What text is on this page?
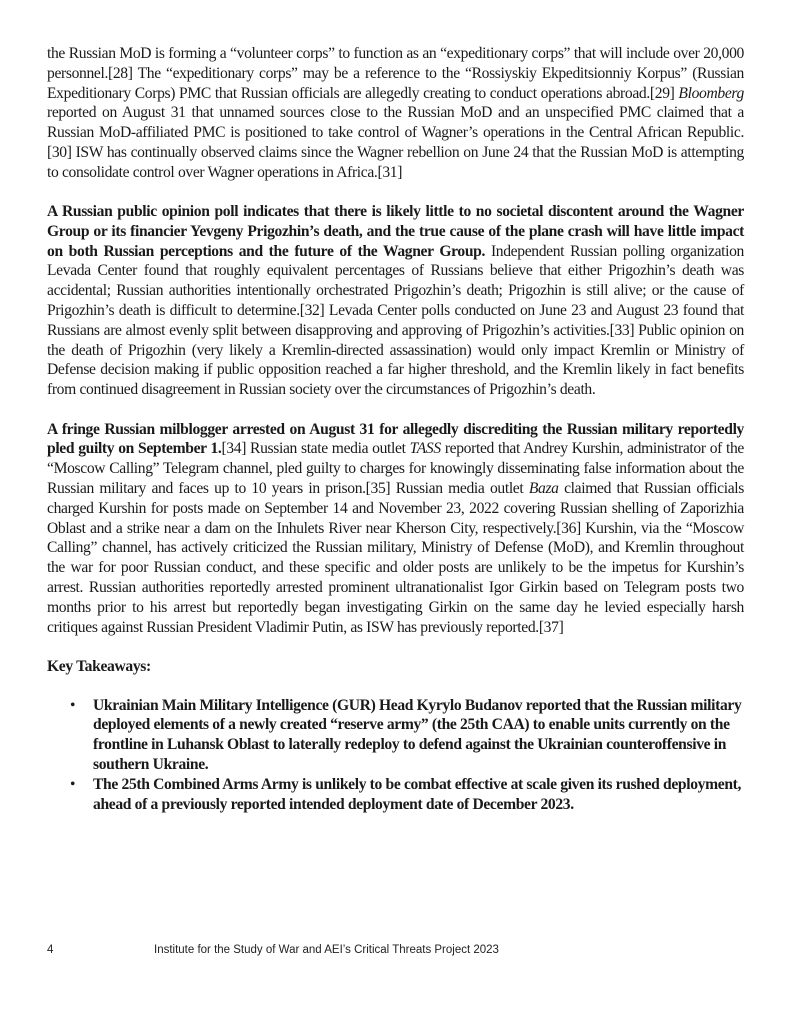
the Russian MoD is forming a “volunteer corps” to function as an “expeditionary corps” that will include over 20,000 personnel.[28] The “expeditionary corps” may be a reference to the “Rossiyskiy Ekpeditsionniy Korpus” (Russian Expeditionary Corps) PMC that Russian officials are allegedly creating to conduct operations abroad.[29] Bloomberg reported on August 31 that unnamed sources close to the Russian MoD and an unspecified PMC claimed that a Russian MoD-affiliated PMC is positioned to take control of Wagner’s operations in the Central African Republic.[30] ISW has continually observed claims since the Wagner rebellion on June 24 that the Russian MoD is attempting to consolidate control over Wagner operations in Africa.[31]

A Russian public opinion poll indicates that there is likely little to no societal discontent around the Wagner Group or its financier Yevgeny Prigozhin’s death, and the true cause of the plane crash will have little impact on both Russian perceptions and the future of the Wagner Group. Independent Russian polling organization Levada Center found that roughly equivalent percentages of Russians believe that either Prigozhin’s death was accidental; Russian authorities intentionally orchestrated Prigozhin’s death; Prigozhin is still alive; or the cause of Prigozhin’s death is difficult to determine.[32] Levada Center polls conducted on June 23 and August 23 found that Russians are almost evenly split between disapproving and approving of Prigozhin’s activities.[33] Public opinion on the death of Prigozhin (very likely a Kremlin-directed assassination) would only impact Kremlin or Ministry of Defense decision making if public opposition reached a far higher threshold, and the Kremlin likely in fact benefits from continued disagreement in Russian society over the circumstances of Prigozhin’s death.

A fringe Russian milblogger arrested on August 31 for allegedly discrediting the Russian military reportedly pled guilty on September 1.[34] Russian state media outlet TASS reported that Andrey Kurshin, administrator of the “Moscow Calling” Telegram channel, pled guilty to charges for knowingly disseminating false information about the Russian military and faces up to 10 years in prison.[35] Russian media outlet Baza claimed that Russian officials charged Kurshin for posts made on September 14 and November 23, 2022 covering Russian shelling of Zaporizhia Oblast and a strike near a dam on the Inhulets River near Kherson City, respectively.[36] Kurshin, via the “Moscow Calling” channel, has actively criticized the Russian military, Ministry of Defense (MoD), and Kremlin throughout the war for poor Russian conduct, and these specific and older posts are unlikely to be the impetus for Kurshin’s arrest. Russian authorities reportedly arrested prominent ultranationalist Igor Girkin based on Telegram posts two months prior to his arrest but reportedly began investigating Girkin on the same day he levied especially harsh critiques against Russian President Vladimir Putin, as ISW has previously reported.[37]

Key Takeaways:
• Ukrainian Main Military Intelligence (GUR) Head Kyrylo Budanov reported that the Russian military deployed elements of a newly created “reserve army” (the 25th CAA) to enable units currently on the frontline in Luhansk Oblast to laterally redeploy to defend against the Ukrainian counteroffensive in southern Ukraine.
• The 25th Combined Arms Army is unlikely to be combat effective at scale given its rushed deployment, ahead of a previously reported intended deployment date of December 2023.
4	Institute for the Study of War and AEI’s Critical Threats Project 2023
